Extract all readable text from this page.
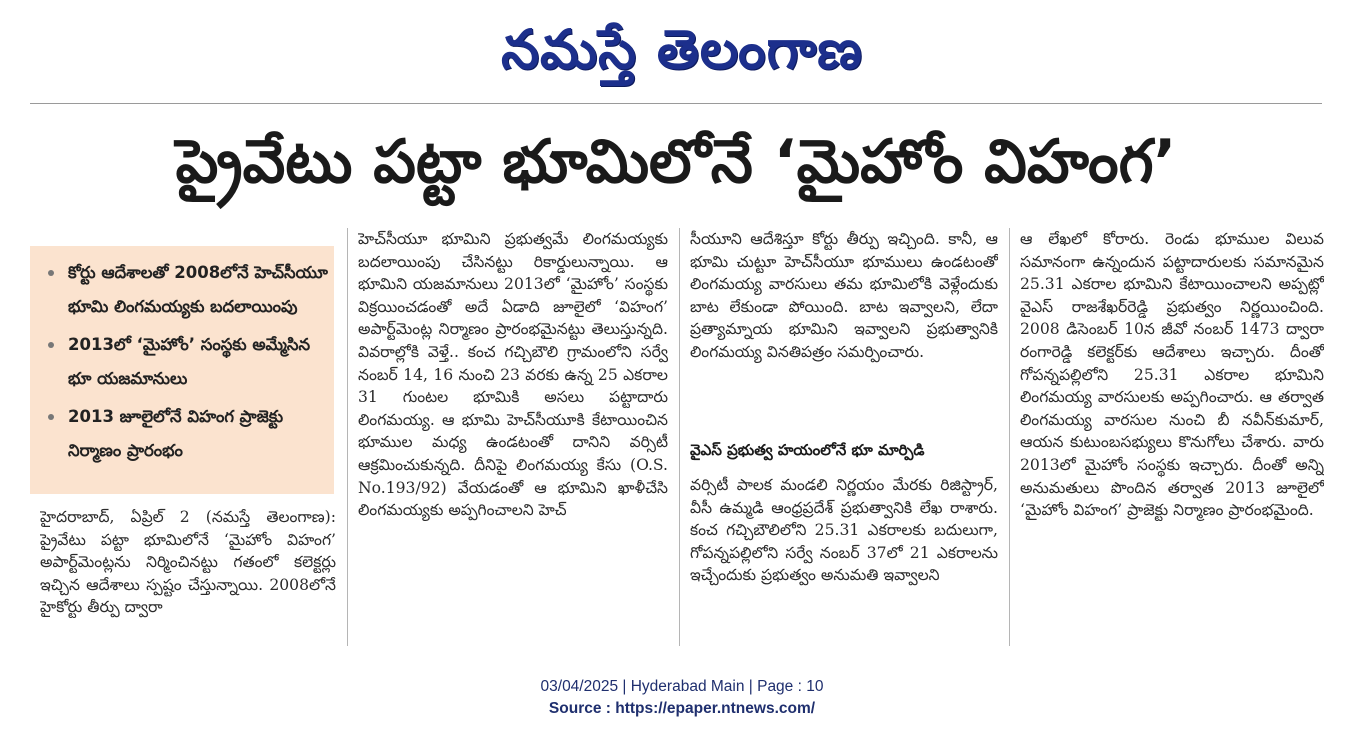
నమస్తే తెలంగాణ
ప్రైవేటు పట్టా భూమిలోనే ‘మైహోం విహంగ’
కోర్టు ఆదేశాలతో 2008లోనే హెచ్‌సీయూ భూమి లింగమయ్యకు బదలాయింపు
2013లో ‘మైహోం’ సంస్థకు అమ్మేసిన భూ యజమానులు
2013 జూలైలోనే విహంగ ప్రాజెక్టు నిర్మాణం ప్రారంభం

హైదరాబాద్, ఏప్రిల్ 2 (నమస్తే తెలంగాణ): ప్రైవేటు పట్టా భూమిలోనే ‘మైహోం విహంగ’ అపార్ట్‌మెంట్లను నిర్మించినట్టు గతంలో కలెక్టర్లు ఇచ్చిన ఆదేశాలు స్పష్టం చేస్తున్నాయి. 2008లోనే హైకోర్టు తీర్పు ద్వారా

హెచ్‌సీయూ భూమిని ప్రభుత్వమే లింగమయ్యకు బదలాయింపు చేసినట్టు రికార్డులున్నాయి. ఆ భూమిని యజమానులు 2013లో ‘మైహోం’ సంస్థకు విక్రయించడంతో అదే ఏడాది జూలైలో ‘విహంగ’ అపార్ట్‌మెంట్ల నిర్మాణం ప్రారంభమైనట్టు తెలుస్తున్నది. వివరాల్లోకి వెళ్తే.. కంచ గచ్చిబౌలి గ్రామంలోని సర్వే నంబర్ 14, 16 నుంచి 23 వరకు ఉన్న 25 ఎకరాల 31 గుంటల భూమికి అసలు పట్టాదారు లింగమయ్య. ఆ భూమి హెచ్‌సీయూకి కేటాయించిన భూముల మధ్య ఉండటంతో దానిని వర్సిటీ ఆక్రమించుకున్నది. దీనిపై లింగమయ్య కేసు (O.S. No.193/92) వేయడంతో ఆ భూమిని ఖాళీచేసి లింగమయ్యకు అప్పగించాలని హెచ్

సీయూని ఆదేశిస్తూ కోర్టు తీర్పు ఇచ్చింది. కానీ, ఆ భూమి చుట్టూ హెచ్‌సీయూ భూములు ఉండటంతో లింగమయ్య వారసులు తమ భూమిలోకి వెళ్లేందుకు బాట లేకుండా పోయింది. బాట ఇవ్వాలని, లేదా ప్రత్యామ్నాయ భూమిని ఇవ్వాలని ప్రభుత్వానికి లింగమయ్య వినతిపత్రం సమర్పించారు.

వైఎస్ ప్రభుత్వ హయంలోనే భూ మార్పిడి

వర్సిటీ పాలక మండలి నిర్ణయం మేరకు రిజిస్ట్రార్, వీసీ ఉమ్మడి ఆంధ్రప్రదేశ్ ప్రభుత్వానికి లేఖ రాశారు. కంచ గచ్చిబౌలిలోని 25.31 ఎకరాలకు బదులుగా, గోపన్నపల్లిలోని సర్వే నంబర్ 37లో 21 ఎకరాలను ఇచ్చేందుకు ప్రభుత్వం అనుమతి ఇవ్వాలని

ఆ లేఖలో కోరారు. రెండు భూముల విలువ సమానంగా ఉన్నందున పట్టాదారులకు సమానమైన 25.31 ఎకరాల భూమిని కేటాయించాలని అప్పట్లో వైఎస్ రాజశేఖర్‌రెడ్డి ప్రభుత్వం నిర్ణయించింది. 2008 డిసెంబర్ 10న జీవో నంబర్ 1473 ద్వారా రంగారెడ్డి కలెక్టర్‌కు ఆదేశాలు ఇచ్చారు. దీంతో గోపన్నపల్లిలోని 25.31 ఎకరాల భూమిని లింగమయ్య వారసులకు అప్పగించారు. ఆ తర్వాత లింగమయ్య వారసుల నుంచి బీ నవీన్‌కుమార్, ఆయన కుటుంబసభ్యులు కొనుగోలు చేశారు. వారు 2013లో మైహోం సంస్థకు ఇచ్చారు. దీంతో అన్ని అనుమతులు పొందిన తర్వాత 2013 జూలైలో ‘మైహోం విహంగ’ ప్రాజెక్టు నిర్మాణం ప్రారంభమైంది.

03/04/2025 | Hyderabad Main | Page : 10
Source : https://epaper.ntnews.com/
